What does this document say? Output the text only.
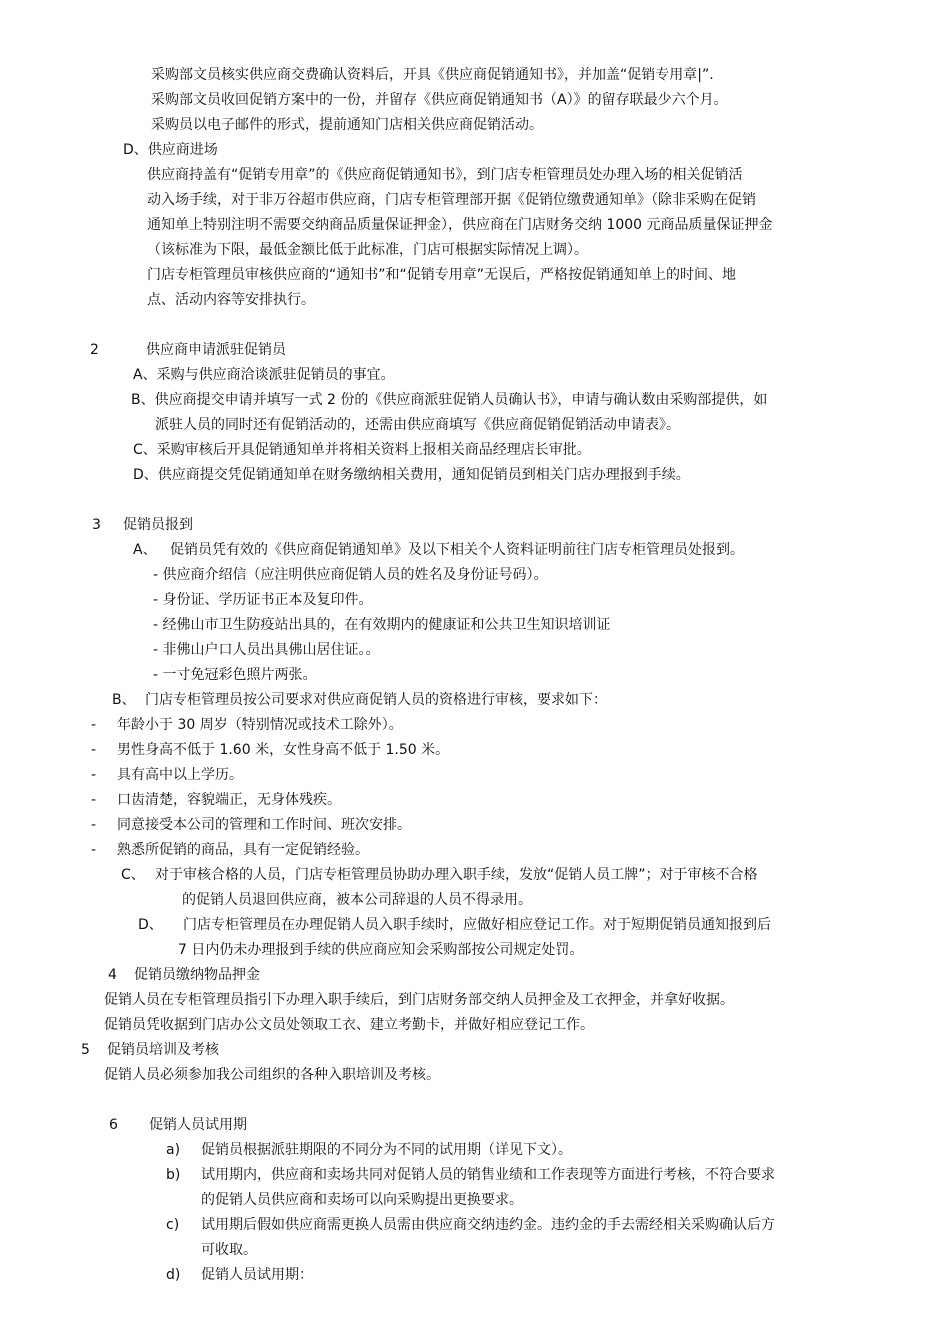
采购部文员核实供应商交费确认资料后，开具《供应商促销通知书》，并加盖“促销专用章|”.
采购部文员收回促销方案中的一份，并留存《供应商促销通知书（A）》的留存联最少六个月。
采购员以电子邮件的形式，提前通知门店相关供应商促销活动。
D、供应商进场
供应商持盖有“促销专用章”的《供应商促销通知书》，到门店专柜管理员处办理入场的相关促销活
动入场手续，对于非万谷超市供应商，门店专柜管理部开据《促销位缴费通知单》（除非采购在促销
通知单上特别注明不需要交纳商品质量保证押金），供应商在门店财务交纳 1000 元商品质量保证押金
（该标准为下限，最低金额比低于此标准，门店可根据实际情况上调）。
门店专柜管理员审核供应商的“通知书”和“促销专用章”无误后，严格按促销通知单上的时间、地
点、活动内容等安排执行。
2	供应商申请派驻促销员
A、采购与供应商洽谈派驻促销员的事宜。
B、供应商提交申请并填写一式 2 份的《供应商派驻促销人员确认书》，申请与确认数由采购部提供，如
派驻人员的同时还有促销活动的，还需由供应商填写《供应商促销促销活动申请表》。
C、采购审核后开具促销通知单并将相关资料上报相关商品经理店长审批。
D、供应商提交凭促销通知单在财务缴纳相关费用，通知促销员到相关门店办理报到手续。
3 促销员报到
A、 促销员凭有效的《供应商促销通知单》及以下相关个人资料证明前往门店专柜管理员处报到。
- 供应商介绍信（应注明供应商促销人员的姓名及身份证号码）。
- 身份证、学历证书正本及复印件。
- 经佛山市卫生防疫站出具的，在有效期内的健康证和公共卫生知识培训证
- 非佛山户口人员出具佛山居住证。。
- 一寸免冠彩色照片两张。
B、 门店专柜管理员按公司要求对供应商促销人员的资格进行审核，要求如下：
- 年龄小于 30 周岁（特别情况或技术工除外）。
- 男性身高不低于 1.60 米，女性身高不低于 1.50 米。
- 具有高中以上学历。
- 口齿清楚，容貌端正，无身体残疾。
- 同意接受本公司的管理和工作时间、班次安排。
- 熟悉所促销的商品，具有一定促销经验。
C、 对于审核合格的人员，门店专柜管理员协助办理入职手续，发放“促销人员工牌”；对于审核不合格
的促销人员退回供应商，被本公司辞退的人员不得录用。
D、 门店专柜管理员在办理促销人员入职手续时，应做好相应登记工作。对于短期促销员通知报到后
7 日内仍未办理报到手续的供应商应知会采购部按公司规定处罚。
4 促销员缴纳物品押金
促销人员在专柜管理员指引下办理入职手续后，到门店财务部交纳人员押金及工衣押金，并拿好收据。
促销员凭收据到门店办公文员处领取工衣、建立考勤卡，并做好相应登记工作。
5 促销员培训及考核
促销人员必须参加我公司组织的各种入职培训及考核。
6 促销人员试用期
a) 促销员根据派驻期限的不同分为不同的试用期（详见下文）。
b) 试用期内，供应商和卖场共同对促销人员的销售业绩和工作表现等方面进行考核，不符合要求
的促销人员供应商和卖场可以向采购提出更换要求。
c) 试用期后假如供应商需更换人员需由供应商交纳违约金。违约金的手去需经相关采购确认后方
可收取。
d) 促销人员试用期：
